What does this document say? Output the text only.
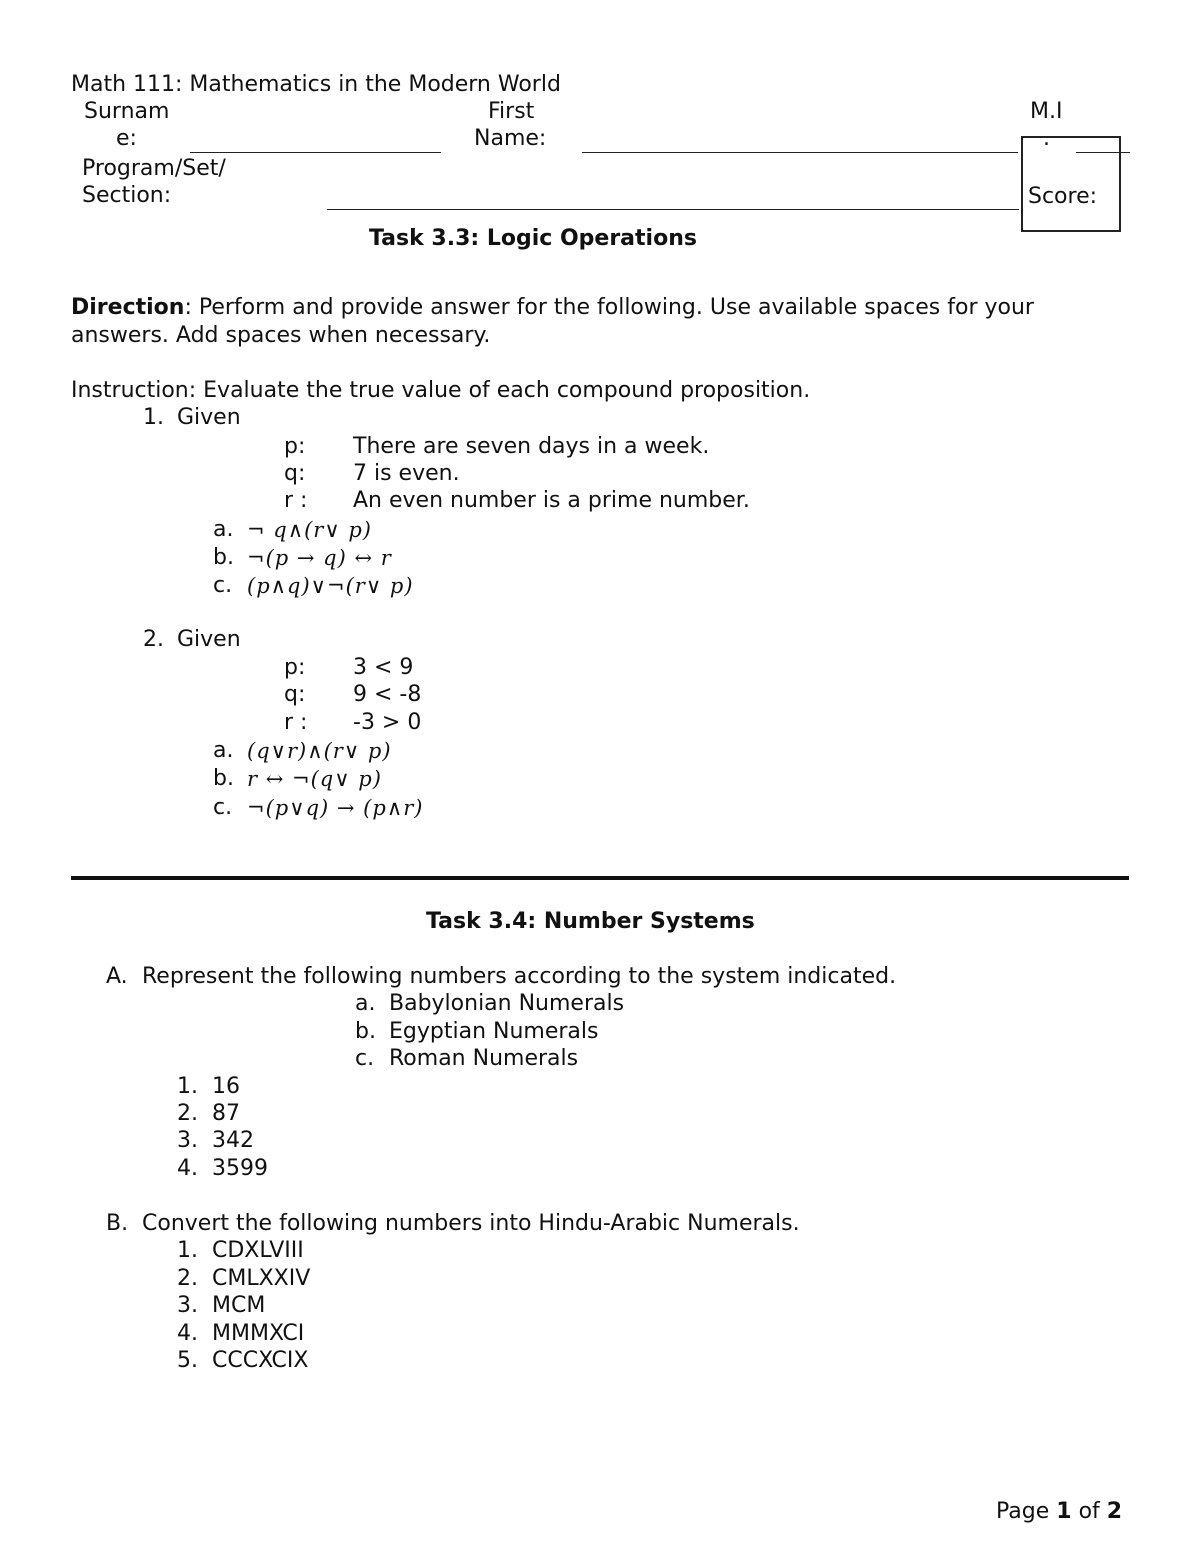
Math 111: Mathematics in the Modern World
Surnam
e:
First
Name:
M.I
.
Program/Set/
Section:	Score:
Task 3.3: Logic Operations
Direction: Perform and provide answer for the following. Use available spaces for your
answers. Add spaces when necessary.
Instruction: Evaluate the true value of each compound proposition.
1. Given
p: There are seven days in a week.
q: 7 is even.
r : An even number is a prime number.
a. ¬ q∧(r∨ p)
b. ¬(p → q) ↔ r
c. (p∧q)∨¬(r∨ p)
2. Given
p: 3 < 9
q: 9 < -8
r : -3 > 0
a. (q∨r)∧(r∨ p)
b. r ↔ ¬(q∨ p)
c. ¬(p∨q) → (p∧r)
Task 3.4: Number Systems
A. Represent the following numbers according to the system indicated.
a. Babylonian Numerals
b. Egyptian Numerals
c. Roman Numerals
1. 16
2. 87
3. 342
4. 3599
B. Convert the following numbers into Hindu-Arabic Numerals.
1. CDXLVIII
2. CMLXXIV
3. MCM
4. MMMXCI
5. CCCXCIX
Page 1 of 2
